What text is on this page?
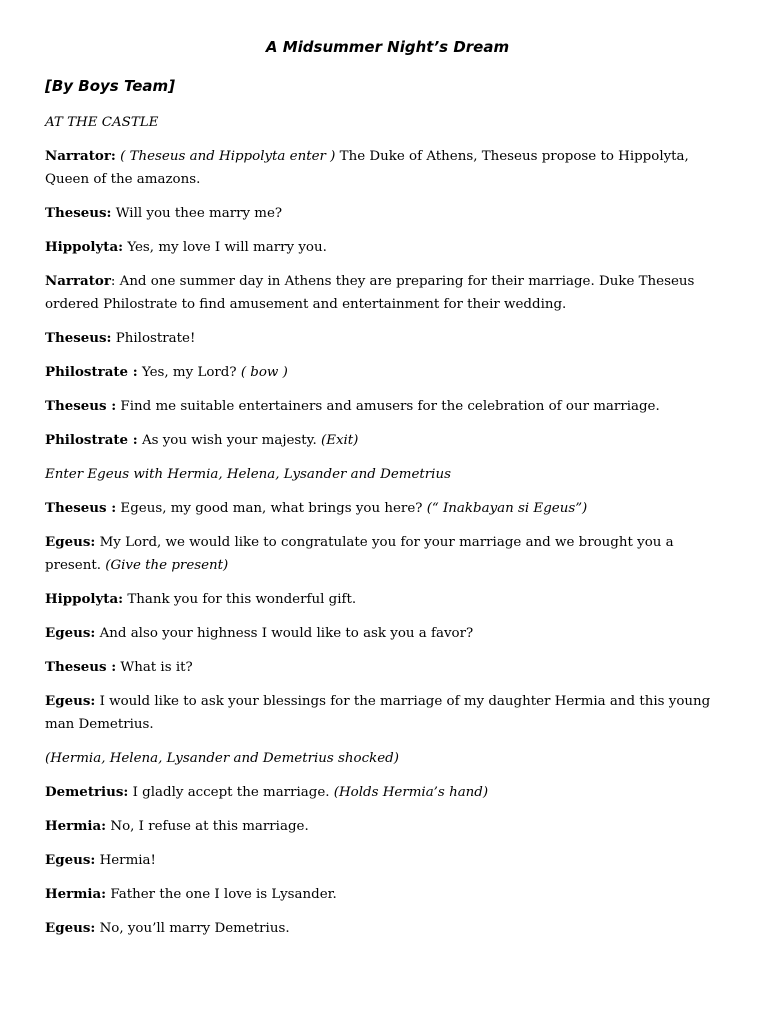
A Midsummer Night’s Dream
[By Boys Team]
AT THE CASTLE
Narrator: ( Theseus and Hippolyta enter ) The Duke of Athens, Theseus propose to Hippolyta, Queen of the amazons.
Theseus: Will you thee marry me?
Hippolyta: Yes, my love I will marry you.
Narrator: And one summer day in Athens they are preparing for their marriage. Duke Theseus ordered Philostrate to find amusement and entertainment for their wedding.
Theseus: Philostrate!
Philostrate : Yes, my Lord? ( bow )
Theseus : Find me suitable entertainers and amusers for the celebration of our marriage.
Philostrate : As you wish your majesty. (Exit)
Enter Egeus with Hermia, Helena, Lysander and Demetrius
Theseus : Egeus, my good man, what brings you here? (“ Inakbayan si Egeus”)
Egeus: My Lord, we would like to congratulate you for your marriage and we brought you a present. (Give the present)
Hippolyta: Thank you for this wonderful gift.
Egeus: And also your highness I would like to ask you a favor?
Theseus : What is it?
Egeus: I would like to ask your blessings for the marriage of my daughter Hermia and this young man Demetrius.
(Hermia, Helena, Lysander and Demetrius shocked)
Demetrius: I gladly accept the marriage. (Holds Hermia’s hand)
Hermia: No, I refuse at this marriage.
Egeus: Hermia!
Hermia: Father the one I love is Lysander.
Egeus: No, you’ll marry Demetrius.
